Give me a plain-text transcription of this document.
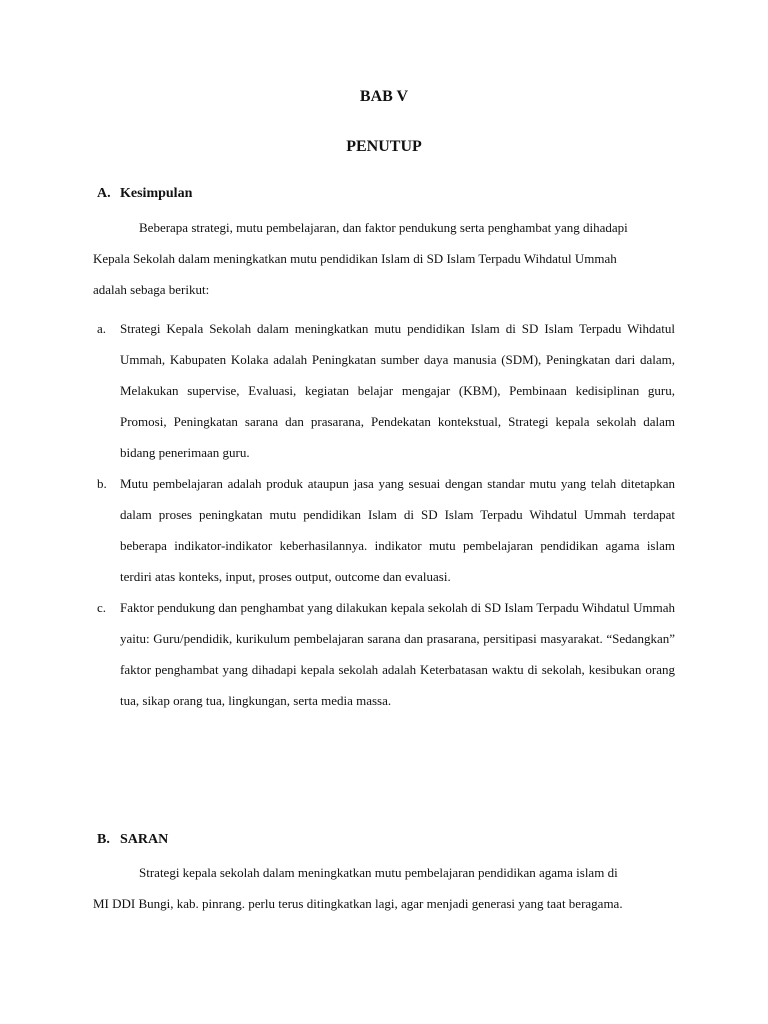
BAB V
PENUTUP
A. Kesimpulan

Beberapa strategi, mutu pembelajaran, dan faktor pendukung serta penghambat yang dihadapi
Kepala Sekolah dalam meningkatkan mutu pendidikan Islam di SD Islam Terpadu Wihdatul Ummah
adalah sebaga berikut:

a. Strategi Kepala Sekolah dalam meningkatkan mutu pendidikan Islam di SD Islam Terpadu Wihdatul Ummah, Kabupaten Kolaka adalah Peningkatan sumber daya manusia (SDM), Peningkatan dari dalam, Melakukan supervise, Evaluasi, kegiatan belajar mengajar (KBM), Pembinaan kedisiplinan guru, Promosi, Peningkatan sarana dan prasarana, Pendekatan kontekstual, Strategi kepala sekolah dalam bidang penerimaan guru.
b. Mutu pembelajaran adalah produk ataupun jasa yang sesuai dengan standar mutu yang telah ditetapkan dalam proses peningkatan mutu pendidikan Islam di SD Islam Terpadu Wihdatul Ummah terdapat beberapa indikator-indikator keberhasilannya. indikator mutu pembelajaran pendidikan agama islam terdiri atas konteks, input, proses output, outcome dan evaluasi.
c. Faktor pendukung dan penghambat yang dilakukan kepala sekolah di SD Islam Terpadu Wihdatul Ummah yaitu: Guru/pendidik, kurikulum pembelajaran sarana dan prasarana, persitipasi masyarakat. “Sedangkan” faktor penghambat yang dihadapi kepala sekolah adalah Keterbatasan waktu di sekolah, kesibukan orang tua, sikap orang tua, lingkungan, serta media massa.
B. SARAN

Strategi kepala sekolah dalam meningkatkan mutu pembelajaran pendidikan agama islam di
MI DDI Bungi, kab. pinrang. perlu terus ditingkatkan lagi, agar menjadi generasi yang taat beragama.
